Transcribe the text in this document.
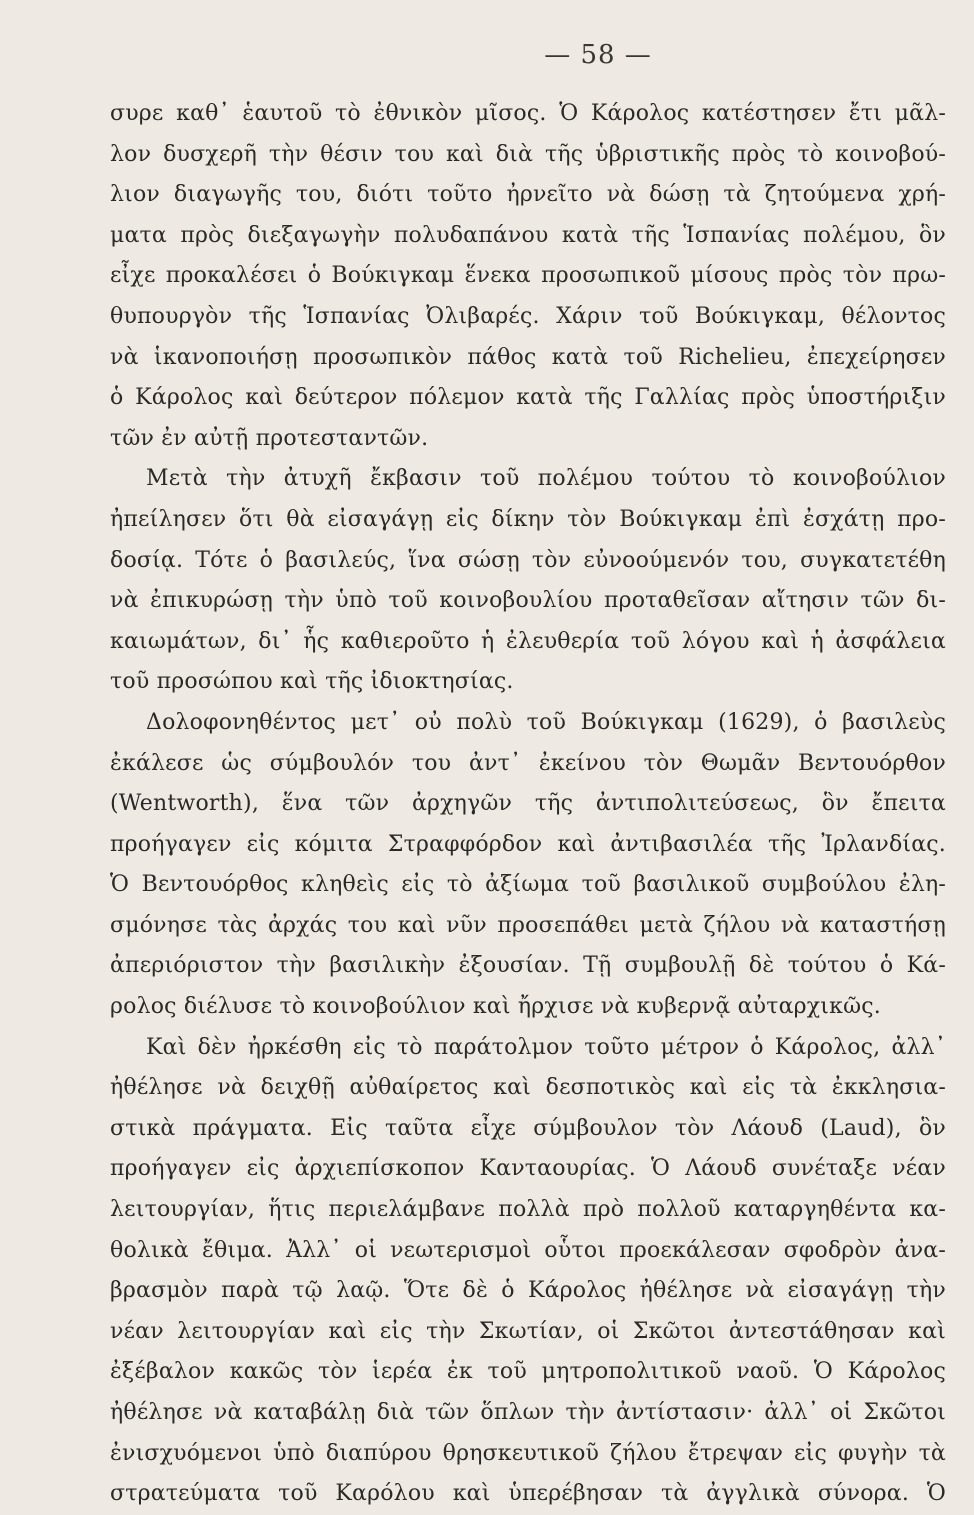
— 58 —
συρε καθ᾽ ἑαυτοῦ τὸ ἐθνικὸν μῖσος. Ὁ Κάρολος κατέστησεν ἔτι μᾶλ-
λον δυσχερῆ τὴν θέσιν του καὶ διὰ τῆς ὑβριστικῆς πρὸς τὸ κοινοβού-
λιον διαγωγῆς του, διότι τοῦτο ἠρνεῖτο νὰ δώσῃ τὰ ζητούμενα χρή-
ματα πρὸς διεξαγωγὴν πολυδαπάνου κατὰ τῆς Ἱσπανίας πολέμου, ὃν
εἶχε προκαλέσει ὁ Βούκιγκαμ ἕνεκα προσωπικοῦ μίσους πρὸς τὸν πρω-
θυπουργὸν τῆς Ἱσπανίας Ὀλιβαρές. Χάριν τοῦ Βούκιγκαμ, θέλοντος
νὰ ἱκανοποιήσῃ προσωπικὸν πάθος κατὰ τοῦ Richelieu, ἐπεχείρησεν
ὁ Κάρολος καὶ δεύτερον πόλεμον κατὰ τῆς Γαλλίας πρὸς ὑποστήριξιν
τῶν ἐν αὐτῇ προτεσταντῶν.
Μετὰ τὴν ἀτυχῆ ἔκβασιν τοῦ πολέμου τούτου τὸ κοινοβούλιον
ἠπείλησεν ὅτι θὰ εἰσαγάγῃ εἰς δίκην τὸν Βούκιγκαμ ἐπὶ ἐσχάτῃ προ-
δοσίᾳ. Τότε ὁ βασιλεύς, ἵνα σώσῃ τὸν εὐνοούμενόν του, συγκατετέθη
νὰ ἐπικυρώσῃ τὴν ὑπὸ τοῦ κοινοβουλίου προταθεῖσαν αἴτησιν τῶν δι-
καιωμάτων, δι᾽ ἧς καθιεροῦτο ἡ ἐλευθερία τοῦ λόγου καὶ ἡ ἀσφάλεια
τοῦ προσώπου καὶ τῆς ἰδιοκτησίας.
Δολοφονηθέντος μετ᾽ οὐ πολὺ τοῦ Βούκιγκαμ (1629), ὁ βασιλεὺς
ἐκάλεσε ὡς σύμβουλόν του ἀντ᾽ ἐκείνου τὸν Θωμᾶν Βεντουόρθον
(Wentworth), ἕνα τῶν ἀρχηγῶν τῆς ἀντιπολιτεύσεως, ὃν ἔπειτα
προήγαγεν εἰς κόμιτα Στραφφόρδον καὶ ἀντιβασιλέα τῆς Ἰρλανδίας.
Ὁ Βεντουόρθος κληθεὶς εἰς τὸ ἀξίωμα τοῦ βασιλικοῦ συμβούλου ἐλη-
σμόνησε τὰς ἀρχάς του καὶ νῦν προσεπάθει μετὰ ζήλου νὰ καταστήσῃ
ἀπεριόριστον τὴν βασιλικὴν ἐξουσίαν. Τῇ συμβουλῇ δὲ τούτου ὁ Κά-
ρολος διέλυσε τὸ κοινοβούλιον καὶ ἤρχισε νὰ κυβερνᾷ αὐταρχικῶς.
Καὶ δὲν ἠρκέσθη εἰς τὸ παράτολμον τοῦτο μέτρον ὁ Κάρολος, ἀλλ᾽
ἠθέλησε νὰ δειχθῇ αὐθαίρετος καὶ δεσποτικὸς καὶ εἰς τὰ ἐκκλησια-
στικὰ πράγματα. Εἰς ταῦτα εἶχε σύμβουλον τὸν Λάουδ (Laud), ὃν
προήγαγεν εἰς ἀρχιεπίσκοπον Κανταουρίας. Ὁ Λάουδ συνέταξε νέαν
λειτουργίαν, ἥτις περιελάμβανε πολλὰ πρὸ πολλοῦ καταργηθέντα κα-
θολικὰ ἔθιμα. Ἀλλ᾽ οἱ νεωτερισμοὶ οὗτοι προεκάλεσαν σφοδρὸν ἀνα-
βρασμὸν παρὰ τῷ λαῷ. Ὅτε δὲ ὁ Κάρολος ἠθέλησε νὰ εἰσαγάγῃ τὴν
νέαν λειτουργίαν καὶ εἰς τὴν Σκωτίαν, οἱ Σκῶτοι ἀντεστάθησαν καὶ
ἐξέβαλον κακῶς τὸν ἱερέα ἐκ τοῦ μητροπολιτικοῦ ναοῦ. Ὁ Κάρολος
ἠθέλησε νὰ καταβάλῃ διὰ τῶν ὅπλων τὴν ἀντίστασιν· ἀλλ᾽ οἱ Σκῶτοι
ἐνισχυόμενοι ὑπὸ διαπύρου θρησκευτικοῦ ζήλου ἔτρεψαν εἰς φυγὴν τὰ
στρατεύματα τοῦ Καρόλου καὶ ὑπερέβησαν τὰ ἀγγλικὰ σύνορα. Ὁ
